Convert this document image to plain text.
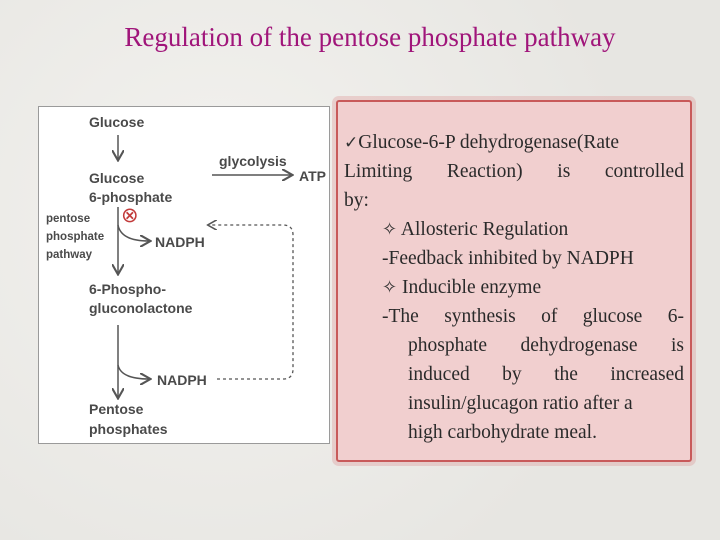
Regulation of the pentose phosphate pathway
Glucose
Glucose
6-phosphate
glycolysis
ATP
pentose
phosphate
pathway
⊗
NADPH
6-Phospho-
gluconolactone
NADPH
Pentose
phosphates
✓Glucose-6-P dehydrogenase(Rate
Limiting Reaction) is controlled
by:
✧ Allosteric Regulation
-Feedback inhibited by NADPH
✧ Inducible enzyme
-The synthesis of glucose 6-
phosphate dehydrogenase is
induced by the increased
insulin/glucagon ratio after a
high carbohydrate meal.
